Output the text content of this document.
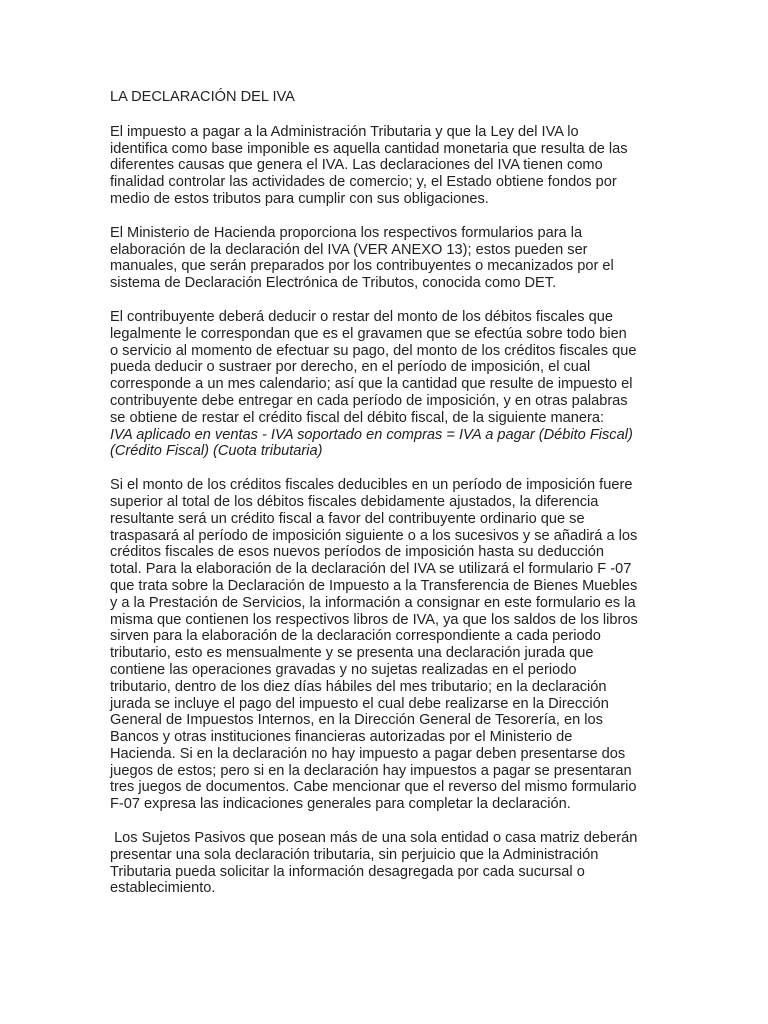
LA DECLARACIÓN DEL IVA

El impuesto a pagar a la Administración Tributaria y que la Ley del IVA lo identifica como base imponible es aquella cantidad monetaria que resulta de las diferentes causas que genera el IVA. Las declaraciones del IVA tienen como finalidad controlar las actividades de comercio; y, el Estado obtiene fondos por medio de estos tributos para cumplir con sus obligaciones.

El Ministerio de Hacienda proporciona los respectivos formularios para la elaboración de la declaración del IVA (VER ANEXO 13); estos pueden ser manuales, que serán preparados por los contribuyentes o mecanizados por el sistema de Declaración Electrónica de Tributos, conocida como DET.

El contribuyente deberá deducir o restar del monto de los débitos fiscales que legalmente le correspondan que es el gravamen que se efectúa sobre todo bien o servicio al momento de efectuar su pago, del monto de los créditos fiscales que pueda deducir o sustraer por derecho, en el período de imposición, el cual corresponde a un mes calendario; así que la cantidad que resulte de impuesto el contribuyente debe entregar en cada período de imposición, y en otras palabras se obtiene de restar el crédito fiscal del débito fiscal, de la siguiente manera:
IVA aplicado en ventas - IVA soportado en compras = IVA a pagar (Débito Fiscal) (Crédito Fiscal) (Cuota tributaria)

Si el monto de los créditos fiscales deducibles en un período de imposición fuere superior al total de los débitos fiscales debidamente ajustados, la diferencia resultante será un crédito fiscal a favor del contribuyente ordinario que se traspasará al período de imposición siguiente o a los sucesivos y se añadirá a los créditos fiscales de esos nuevos períodos de imposición hasta su deducción total. Para la elaboración de la declaración del IVA se utilizará el formulario F -07 que trata sobre la Declaración de Impuesto a la Transferencia de Bienes Muebles y a la Prestación de Servicios, la información a consignar en este formulario es la misma que contienen los respectivos libros de IVA, ya que los saldos de los libros sirven para la elaboración de la declaración correspondiente a cada periodo tributario, esto es mensualmente y se presenta una declaración jurada que contiene las operaciones gravadas y no sujetas realizadas en el periodo tributario, dentro de los diez días hábiles del mes tributario; en la declaración jurada se incluye el pago del impuesto el cual debe realizarse en la Dirección General de Impuestos Internos, en la Dirección General de Tesorería, en los Bancos y otras instituciones financieras autorizadas por el Ministerio de Hacienda. Si en la declaración no hay impuesto a pagar deben presentarse dos juegos de estos; pero si en la declaración hay impuestos a pagar se presentaran tres juegos de documentos. Cabe mencionar que el reverso del mismo formulario F-07 expresa las indicaciones generales para completar la declaración.

Los Sujetos Pasivos que posean más de una sola entidad o casa matriz deberán presentar una sola declaración tributaria, sin perjuicio que la Administración Tributaria pueda solicitar la información desagregada por cada sucursal o establecimiento.
